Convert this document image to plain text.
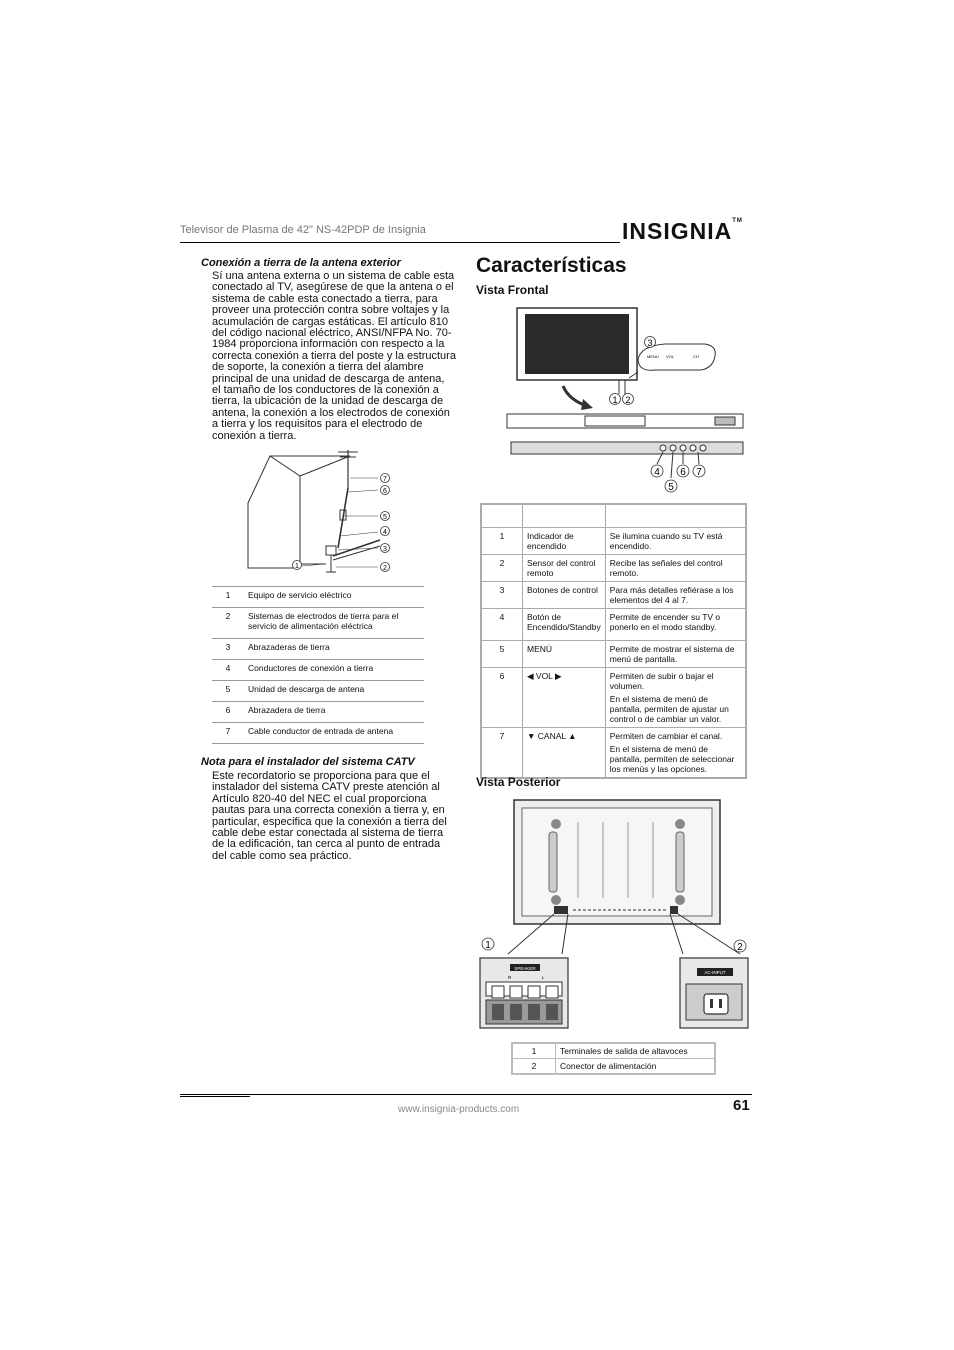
Televisor de Plasma de 42" NS-42PDP de Insignia	INSIGNIA™
Conexión a tierra de la antena exterior
Sí una antena externa o un sistema de cable esta conectado al TV, asegúrese de que la antena o el sistema de cable esta conectado a tierra, para proveer una protección contra sobre voltajes y la acumulación de cargas estáticas. El artículo 810 del código nacional eléctrico, ANSI/NFPA No. 70-1984 proporciona información con respecto a la correcta conexión a tierra del poste y la estructura de soporte, la conexión a tierra del alambre principal de una unidad de descarga de antena, el tamaño de los conductores de la conexión a tierra, la ubicación de la unidad de descarga de antena, la conexión a los electrodos de conexión a tierra y los requisitos para el electrodo de conexión a tierra.
7
6
5
4
3
2
1
1	Equipo de servicio eléctrico
2	Sistemas de electrodos de tierra para el servicio de alimentación eléctrica
3	Abrazaderas de tierra
4	Conductores de conexión a tierra
5	Unidad de descarga de antena
6	Abrazadera de tierra
7	Cable conductor de entrada de antena
Nota para el instalador del sistema CATV
Este recordatorio se proporciona para que el instalador del sistema CATV preste atención al Artículo 820-40 del NEC el cual proporciona pautas para una correcta conexión a tierra y, en particular, especifica que la conexión a tierra del cable debe estar conectada al sistema de tierra de la edificación, tan cerca al punto de entrada del cable como sea práctico.
Características
Vista Frontal
MENU VOL	CH
3
1 2
4 6 7
5

1	Indicador de encendido	Se ilumina cuando su TV está encendido.
2	Sensor del control remoto	Recibe las señales del control remoto.
3	Botones de control	Para más detalles refiérase a los elementos del 4 al 7.
4	Botón de Encendido/Standby	Permite de encender su TV o ponerlo en el modo standby.
5	MENÚ	Permite de mostrar el sistema de menú de pantalla.
6	◀ VOL ▶	Permiten de subir o bajar el volumen.
En el sistema de menú de pantalla, permiten de ajustar un control o de cambiar un valor.

7	▼ CANAL ▲	Permiten de cambiar el canal.
En el sistema de menú de pantalla, permiten de seleccionar los menús y las opciones.
Vista Posterior
1	2
SPEAKER
R	L
AC-INPUT
1	Terminales de salida de altavoces
2	Conector de alimentación
www.insignia-products.com	61
